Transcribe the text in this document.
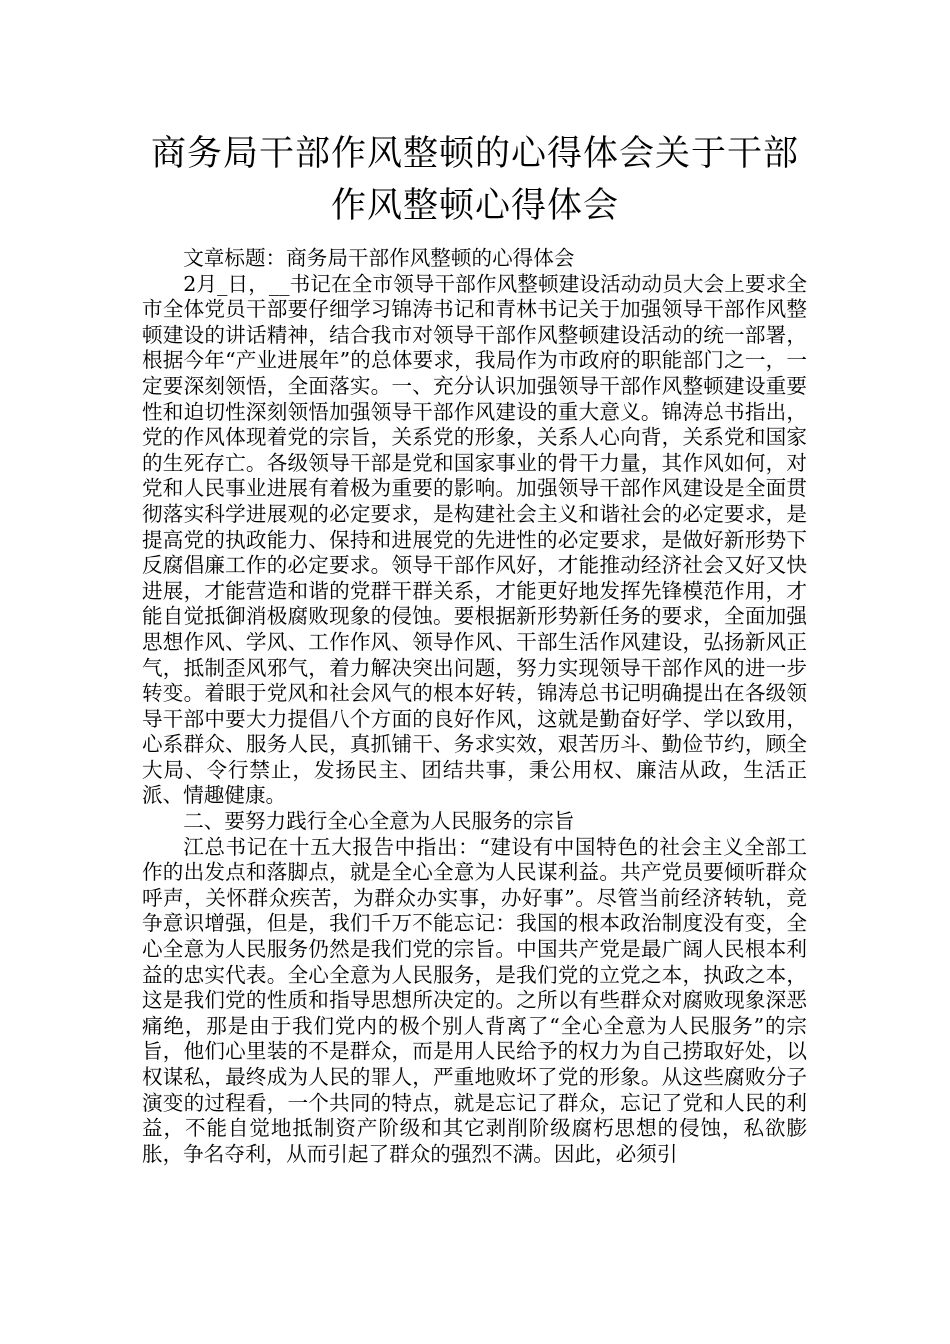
商务局干部作风整顿的心得体会关于干部
作风整顿心得体会

文章标题：商务局干部作风整顿的心得体会

2月_日，__书记在全市领导干部作风整顿建设活动动员大会上要求全市全体党员干部要仔细学习锦涛书记和青林书记关于加强领导干部作风整顿建设的讲话精神，结合我市对领导干部作风整顿建设活动的统一部署，根据今年“产业进展年”的总体要求，我局作为市政府的职能部门之一，一定要深刻领悟，全面落实。一、充分认识加强领导干部作风整顿建设重要性和迫切性深刻领悟加强领导干部作风建设的重大意义。锦涛总书指出，党的作风体现着党的宗旨，关系党的形象，关系人心向背，关系党和国家的生死存亡。各级领导干部是党和国家事业的骨干力量，其作风如何，对党和人民事业进展有着极为重要的影响。加强领导干部作风建设是全面贯彻落实科学进展观的必定要求，是构建社会主义和谐社会的必定要求，是提高党的执政能力、保持和进展党的先进性的必定要求，是做好新形势下反腐倡廉工作的必定要求。领导干部作风好，才能推动经济社会又好又快进展，才能营造和谐的党群干群关系，才能更好地发挥先锋模范作用，才能自觉抵御消极腐败现象的侵蚀。要根据新形势新任务的要求，全面加强思想作风、学风、工作作风、领导作风、干部生活作风建设，弘扬新风正气，抵制歪风邪气，着力解决突出问题，努力实现领导干部作风的进一步转变。着眼于党风和社会风气的根本好转，锦涛总书记明确提出在各级领导干部中要大力提倡八个方面的良好作风，这就是勤奋好学、学以致用，心系群众、服务人民，真抓铺干、务求实效，艰苦历斗、勤俭节约，顾全大局、令行禁止，发扬民主、团结共事，秉公用权、廉洁从政，生活正派、情趣健康。

二、要努力践行全心全意为人民服务的宗旨

江总书记在十五大报告中指出：“建设有中国特色的社会主义全部工作的出发点和落脚点，就是全心全意为人民谋利益。共产党员要倾听群众呼声，关怀群众疾苦，为群众办实事，办好事”。尽管当前经济转轨，竞争意识增强，但是，我们千万不能忘记：我国的根本政治制度没有变，全心全意为人民服务仍然是我们党的宗旨。中国共产党是最广阔人民根本利益的忠实代表。全心全意为人民服务，是我们党的立党之本，执政之本，这是我们党的性质和指导思想所决定的。之所以有些群众对腐败现象深恶痛绝，那是由于我们党内的极个别人背离了“全心全意为人民服务”的宗旨，他们心里装的不是群众，而是用人民给予的权力为自己捞取好处，以权谋私，最终成为人民的罪人，严重地败坏了党的形象。从这些腐败分子演变的过程看，一个共同的特点，就是忘记了群众，忘记了党和人民的利益，不能自觉地抵制资产阶级和其它剥削阶级腐朽思想的侵蚀，私欲膨胀，争名夺利，从而引起了群众的强烈不满。因此，必须引
